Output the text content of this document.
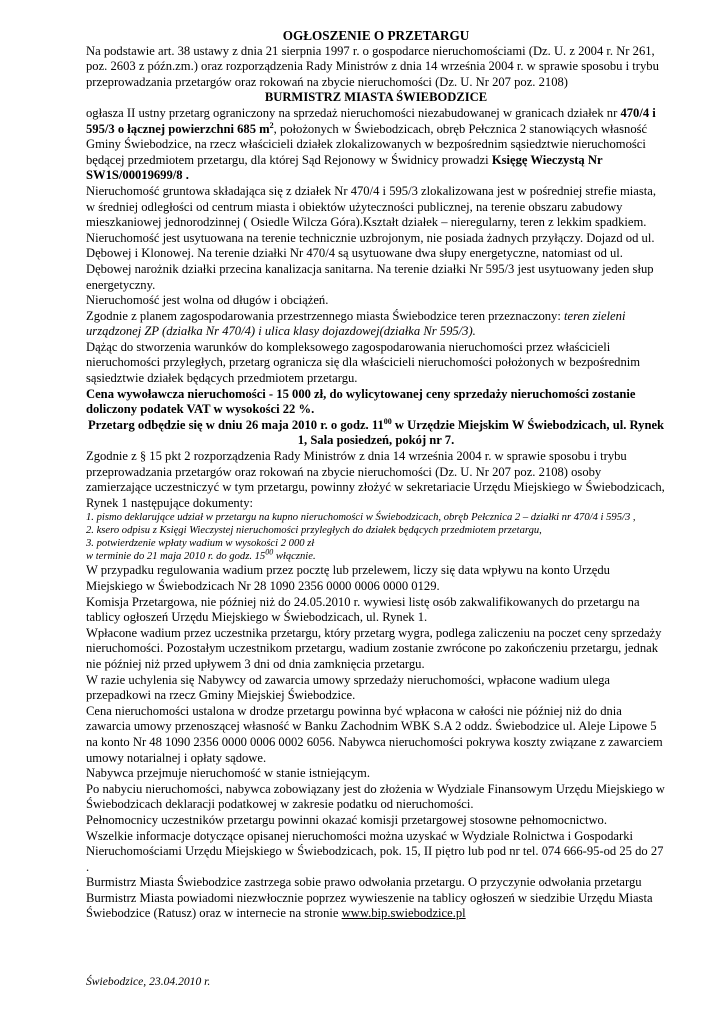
OGŁOSZENIE O PRZETARGU

Na podstawie art. 38 ustawy z dnia 21 sierpnia 1997 r. o gospodarce nieruchomościami (Dz. U. z 2004 r. Nr 261, poz. 2603 z późn.zm.) oraz rozporządzenia Rady Ministrów z dnia 14 września 2004 r. w sprawie sposobu i trybu przeprowadzania przetargów oraz rokowań na zbycie nieruchomości (Dz. U. Nr 207 poz. 2108)

BURMISTRZ MIASTA ŚWIEBODZICE

ogłasza II ustny przetarg ograniczony na sprzedaż nieruchomości niezabudowanej w granicach działek nr 470/4 i 595/3 o łącznej powierzchni 685 $m^2$, położonych w Świebodzicach, obręb Pełcznica 2 stanowiących własność Gminy Świebodzice, na rzecz właścicieli działek zlokalizowanych w bezpośrednim sąsiedztwie nieruchomości będącej przedmiotem przetargu, dla której Sąd Rejonowy w Świdnicy prowadzi Księgę Wieczystą Nr SW1S/00019699/8 .

Nieruchomość gruntowa składająca się z działek Nr 470/4 i 595/3 zlokalizowana jest w pośredniej strefie miasta, w średniej odległości od centrum miasta i obiektów użyteczności publicznej, na terenie obszaru zabudowy mieszkaniowej jednorodzinnej ( Osiedle Wilcza Góra).Kształt działek – nieregularny, teren z lekkim spadkiem.

Nieruchomość jest usytuowana na terenie technicznie uzbrojonym, nie posiada żadnych przyłączy. Dojazd od ul. Dębowej i Klonowej. Na terenie działki Nr 470/4 są usytuowane dwa słupy energetyczne, natomiast od ul. Dębowej narożnik działki przecina kanalizacja sanitarna. Na terenie działki Nr 595/3 jest usytuowany jeden słup energetyczny.

Nieruchomość jest wolna od długów i obciążeń.

Zgodnie z planem zagospodarowania przestrzennego miasta Świebodzice teren przeznaczony: teren zieleni urządzonej ZP (działka Nr 470/4) i ulica klasy dojazdowej(działka Nr 595/3).

Dążąc do stworzenia warunków do kompleksowego zagospodarowania nieruchomości przez właścicieli nieruchomości przyległych, przetarg ogranicza się dla właścicieli nieruchomości położonych w bezpośrednim sąsiedztwie działek będących przedmiotem przetargu.

Cena wywoławcza nieruchomości - 15 000 zł, do wylicytowanej ceny sprzedaży nieruchomości zostanie doliczony podatek VAT w wysokości 22 %.

Przetarg odbędzie się w dniu 26 maja 2010 r. o godz. $11^{00}$ w Urzędzie Miejskim W Świebodzicach, ul. Rynek 1, Sala posiedzeń, pokój nr 7.

Zgodnie z § 15 pkt 2 rozporządzenia Rady Ministrów z dnia 14 września 2004 r. w sprawie sposobu i trybu przeprowadzania przetargów oraz rokowań na zbycie nieruchomości (Dz. U. Nr 207 poz. 2108) osoby zamierzające uczestniczyć w tym przetargu, powinny złożyć w sekretariacie Urzędu Miejskiego w Świebodzicach, Rynek 1 następujące dokumenty:

1. pismo deklarujące udział w przetargu na kupno nieruchomości w Świebodzicach, obręb Pełcznica 2 – działki nr 470/4 i 595/3 ,
2. ksero odpisu z Księgi Wieczystej nieruchomości przyległych do działek będących przedmiotem przetargu,
3. potwierdzenie wpłaty wadium w wysokości 2 000 zł
w terminie do 21 maja 2010 r. do godz. $15^{00}$ włącznie.

W przypadku regulowania wadium przez pocztę lub przelewem, liczy się data wpływu na konto Urzędu Miejskiego w Świebodzicach Nr 28 1090 2356 0000 0006 0000 0129.

Komisja Przetargowa, nie później niż do 24.05.2010 r. wywiesi listę osób zakwalifikowanych do przetargu na tablicy ogłoszeń Urzędu Miejskiego w Świebodzicach, ul. Rynek 1.

Wpłacone wadium przez uczestnika przetargu, który przetarg wygra, podlega zaliczeniu na poczet ceny sprzedaży nieruchomości. Pozostałym uczestnikom przetargu, wadium zostanie zwrócone po zakończeniu przetargu, jednak nie później niż przed upływem 3 dni od dnia zamknięcia przetargu.

W razie uchylenia się Nabywcy od zawarcia umowy sprzedaży nieruchomości, wpłacone wadium ulega przepadkowi na rzecz Gminy Miejskiej Świebodzice.

Cena nieruchomości ustalona w drodze przetargu powinna być wpłacona w całości nie później niż do dnia zawarcia umowy przenoszącej własność w Banku Zachodnim WBK S.A 2 oddz. Świebodzice ul. Aleje Lipowe 5 na konto Nr 48 1090 2356 0000 0006 0002 6056. Nabywca nieruchomości pokrywa koszty związane z zawarciem umowy notarialnej i opłaty sądowe.

Nabywca przejmuje nieruchomość w stanie istniejącym.

Po nabyciu nieruchomości, nabywca zobowiązany jest do złożenia w Wydziale Finansowym Urzędu Miejskiego w Świebodzicach deklaracji podatkowej w zakresie podatku od nieruchomości.

Pełnomocnicy uczestników przetargu powinni okazać komisji przetargowej stosowne pełnomocnictwo.

Wszelkie informacje dotyczące opisanej nieruchomości można uzyskać w Wydziale Rolnictwa i Gospodarki Nieruchomościami Urzędu Miejskiego w Świebodzicach, pok. 15, II piętro lub pod nr tel. 074 666-95-od 25 do 27 .

Burmistrz Miasta Świebodzice zastrzega sobie prawo odwołania przetargu. O przyczynie odwołania przetargu Burmistrz Miasta powiadomi niezwłocznie poprzez wywieszenie na tablicy ogłoszeń w siedzibie Urzędu Miasta Świebodzice (Ratusz) oraz w internecie na stronie www.bip.swiebodzice.pl

Świebodzice, 23.04.2010 r.
